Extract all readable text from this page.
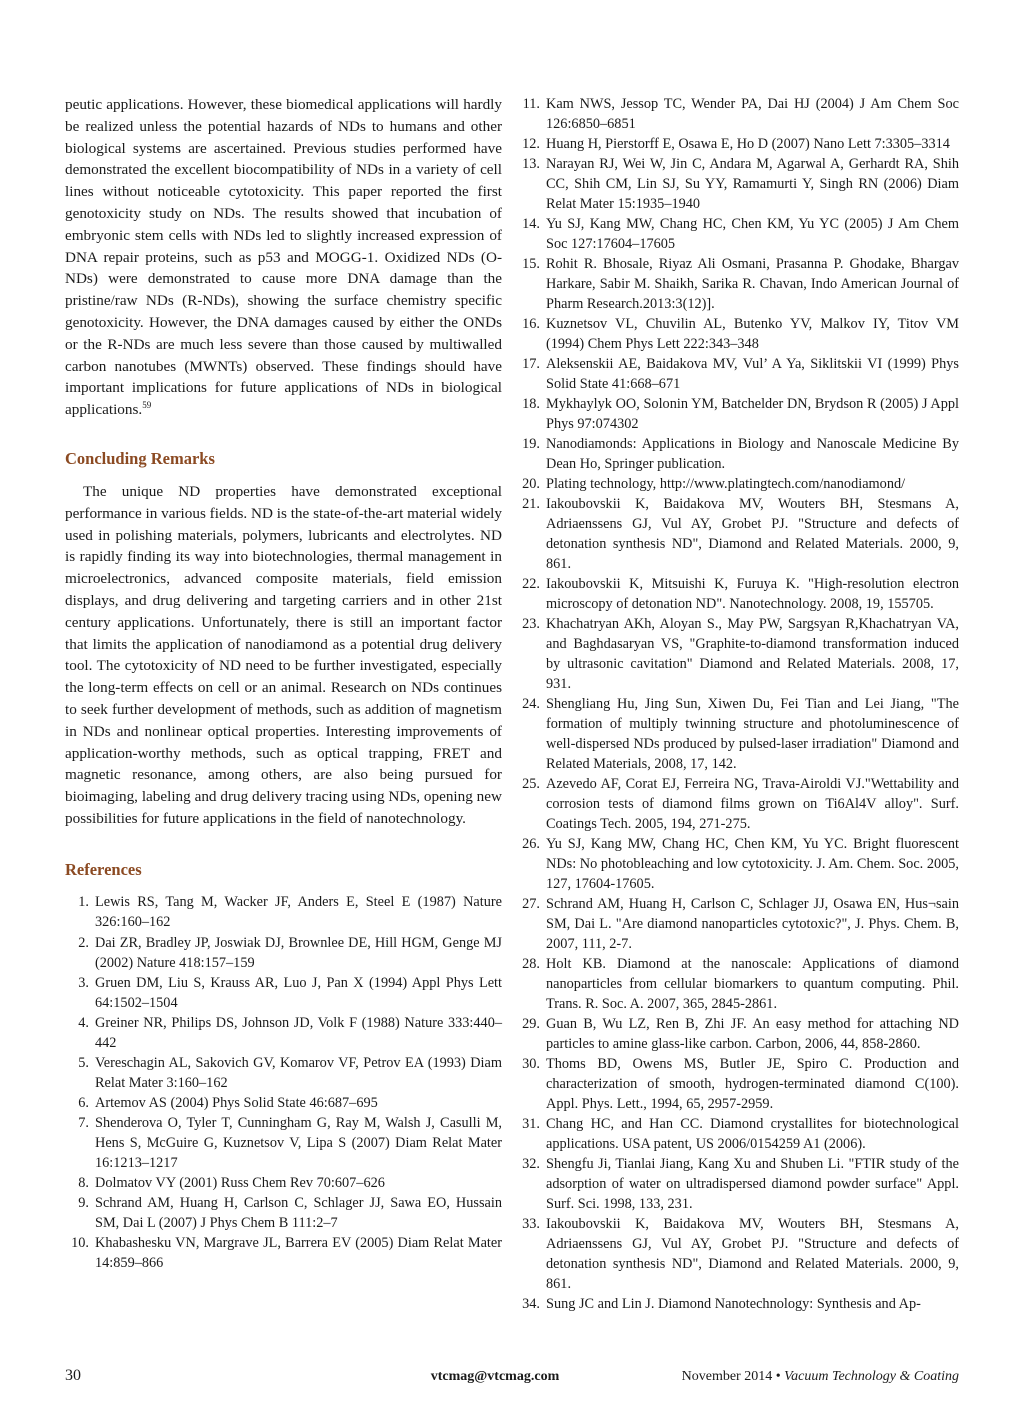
peutic applications. However, these biomedical applications will hardly be realized unless the potential hazards of NDs to humans and other biological systems are ascertained. Previous studies performed have demonstrated the excellent biocompatibility of NDs in a variety of cell lines without noticeable cytotoxicity. This paper reported the first genotoxicity study on NDs. The results showed that incubation of embryonic stem cells with NDs led to slightly increased expression of DNA repair proteins, such as p53 and MOGG-1. Oxidized NDs (O-NDs) were demonstrated to cause more DNA damage than the pristine/raw NDs (R-NDs), showing the surface chemistry specific genotoxicity. However, the DNA damages caused by either the ONDs or the R-NDs are much less severe than those caused by multiwalled carbon nanotubes (MWNTs) observed. These findings should have important implications for future applications of NDs in biological applications.$^{59}$

Concluding Remarks

The unique ND properties have demonstrated exceptional performance in various fields. ND is the state-of-the-art material widely used in polishing materials, polymers, lubricants and electrolytes. ND is rapidly finding its way into biotechnologies, thermal management in microelectronics, advanced composite materials, field emission displays, and drug delivering and targeting carriers and in other 21st century applications. Unfortunately, there is still an important factor that limits the application of nanodiamond as a potential drug delivery tool. The cytotoxicity of ND need to be further investigated, especially the long-term effects on cell or an animal. Research on NDs continues to seek further development of methods, such as addition of magnetism in NDs and nonlinear optical properties. Interesting improvements of application-worthy methods, such as optical trapping, FRET and magnetic resonance, among others, are also being pursued for bioimaging, labeling and drug delivery tracing using NDs, opening new possibilities for future applications in the field of nanotechnology.

References
1. Lewis RS, Tang M, Wacker JF, Anders E, Steel E (1987) Nature 326:160–162
2. Dai ZR, Bradley JP, Joswiak DJ, Brownlee DE, Hill HGM, Genge MJ (2002) Nature 418:157–159
3. Gruen DM, Liu S, Krauss AR, Luo J, Pan X (1994) Appl Phys Lett 64:1502–1504
4. Greiner NR, Philips DS, Johnson JD, Volk F (1988) Nature 333:440–442
5. Vereschagin AL, Sakovich GV, Komarov VF, Petrov EA (1993) Diam Relat Mater 3:160–162
6. Artemov AS (2004) Phys Solid State 46:687–695
7. Shenderova O, Tyler T, Cunningham G, Ray M, Walsh J, Casulli M, Hens S, McGuire G, Kuznetsov V, Lipa S (2007) Diam Relat Mater 16:1213–1217
8. Dolmatov VY (2001) Russ Chem Rev 70:607–626
9. Schrand AM, Huang H, Carlson C, Schlager JJ, Sawa EO, Hussain SM, Dai L (2007) J Phys Chem B 111:2–7
10. Khabashesku VN, Margrave JL, Barrera EV (2005) Diam Relat Mater 14:859–866
11. Kam NWS, Jessop TC, Wender PA, Dai HJ (2004) J Am Chem Soc 126:6850–6851
12. Huang H, Pierstorff E, Osawa E, Ho D (2007) Nano Lett 7:3305–3314
13. Narayan RJ, Wei W, Jin C, Andara M, Agarwal A, Gerhardt RA, Shih CC, Shih CM, Lin SJ, Su YY, Ramamurti Y, Singh RN (2006) Diam Relat Mater 15:1935–1940
14. Yu SJ, Kang MW, Chang HC, Chen KM, Yu YC (2005) J Am Chem Soc 127:17604–17605
15. Rohit R. Bhosale, Riyaz Ali Osmani, Prasanna P. Ghodake, Bhargav Harkare, Sabir M. Shaikh, Sarika R. Chavan, Indo American Journal of Pharm Research.2013:3(12)].
16. Kuznetsov VL, Chuvilin AL, Butenko YV, Malkov IY, Titov VM (1994) Chem Phys Lett 222:343–348
17. Aleksenskii AE, Baidakova MV, Vul’ A Ya, Siklitskii VI (1999) Phys Solid State 41:668–671
18. Mykhaylyk OO, Solonin YM, Batchelder DN, Brydson R (2005) J Appl Phys 97:074302
19. Nanodiamonds: Applications in Biology and Nanoscale Medicine By Dean Ho, Springer publication.
20. Plating technology, http://www.platingtech.com/nanodiamond/
21. Iakoubovskii K, Baidakova MV, Wouters BH, Stesmans A, Adriaenssens GJ, Vul AY, Grobet PJ. "Structure and defects of detonation synthesis ND", Diamond and Related Materials. 2000, 9, 861.
22. Iakoubovskii K, Mitsuishi K, Furuya K. "High-resolution electron microscopy of detonation ND". Nanotechnology. 2008, 19, 155705.
23. Khachatryan AKh, Aloyan S., May PW, Sargsyan R,Khachatryan VA, and Baghdasaryan VS, "Graphite-to-diamond transformation induced by ultrasonic cavitation" Diamond and Related Materials. 2008, 17, 931.
24. Shengliang Hu, Jing Sun, Xiwen Du, Fei Tian and Lei Jiang, "The formation of multiply twinning structure and photoluminescence of well-dispersed NDs produced by pulsed-laser irradiation" Diamond and Related Materials, 2008, 17, 142.
25. Azevedo AF, Corat EJ, Ferreira NG, Trava-Airoldi VJ."Wettability and corrosion tests of diamond films grown on Ti6Al4V alloy". Surf. Coatings Tech. 2005, 194, 271-275.
26. Yu SJ, Kang MW, Chang HC, Chen KM, Yu YC. Bright fluorescent NDs: No photobleaching and low cytotoxicity. J. Am. Chem. Soc. 2005, 127, 17604-17605.
27. Schrand AM, Huang H, Carlson C, Schlager JJ, Osawa EN, Hus¬sain SM, Dai L. "Are diamond nanoparticles cytotoxic?", J. Phys. Chem. B, 2007, 111, 2-7.
28. Holt KB. Diamond at the nanoscale: Applications of diamond nanoparticles from cellular biomarkers to quantum computing. Phil. Trans. R. Soc. A. 2007, 365, 2845-2861.
29. Guan B, Wu LZ, Ren B, Zhi JF. An easy method for attaching ND particles to amine glass-like carbon. Carbon, 2006, 44, 858-2860.
30. Thoms BD, Owens MS, Butler JE, Spiro C. Production and characterization of smooth, hydrogen-terminated diamond C(100). Appl. Phys. Lett., 1994, 65, 2957-2959.
31. Chang HC, and Han CC. Diamond crystallites for biotechnological applications. USA patent, US 2006/0154259 A1 (2006).
32. Shengfu Ji, Tianlai Jiang, Kang Xu and Shuben Li. "FTIR study of the adsorption of water on ultradispersed diamond powder surface" Appl. Surf. Sci. 1998, 133, 231.
33. Iakoubovskii K, Baidakova MV, Wouters BH, Stesmans A, Adriaenssens GJ, Vul AY, Grobet PJ. "Structure and defects of detonation synthesis ND", Diamond and Related Materials. 2000, 9, 861.
34. Sung JC and Lin J. Diamond Nanotechnology: Synthesis and Ap-
30	vtcmag@vtcmag.com	November 2014 • Vacuum Technology & Coating
